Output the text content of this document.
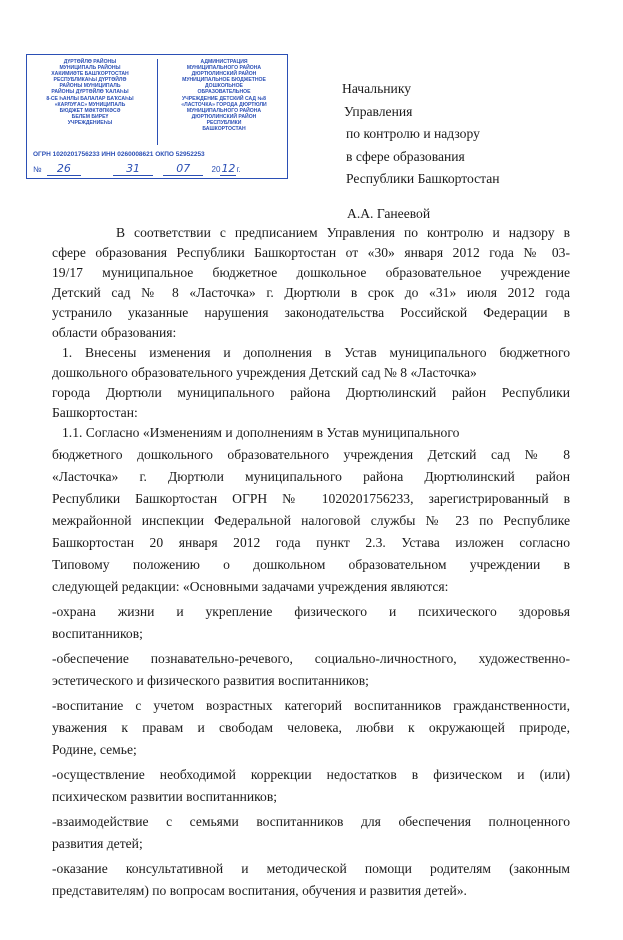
ДҮРТӨЙЛӨ РАЙОНЫ
МУНИЦИПАЛЬ РАЙОНЫ
ХАКИМИӘТЕ БАШҠОРТОСТАН
РЕСПУБЛИКАҺЫ ДҮРТӨЙЛӨ
РАЙОНЫ МУНИЦИПАЛЬ
РАЙОНЫ ДҮРТӨЙЛӨ ҠАЛАҺЫ
8-СЕ ҺАНЛЫ БАЛАЛАР БАҠСАҺЫ
«КАРЛУҒАС» МУНИЦИПАЛЬ
БЮДЖЕТ МӘКТӘПКӘСӘ
БЕЛЕМ БИРЕҮ
УЧРЕЖДЕНИЕҺЫ
АДМИНИСТРАЦИЯ
МУНИЦИПАЛЬНОГО РАЙОНА
ДЮРТЮЛИНСКИЙ РАЙОН
МУНИЦИПАЛЬНОЕ БЮДЖЕТНОЕ
ДОШКОЛЬНОЕ
ОБРАЗОВАТЕЛЬНОЕ
УЧРЕЖДЕНИЕ ДЕТСКИЙ САД №8
«ЛАСТОЧКА» ГОРОДА ДЮРТЮЛИ
МУНИЦИПАЛЬНОГО РАЙОНА
ДЮРТЮЛИНСКИЙ РАЙОН
РЕСПУБЛИКИ
БАШКОРТОСТАН
ОГРН 1020201756233 ИНН 0260008621 ОКПО 52952253
№ 26	31	07	2012г.
Начальнику
Управления
по контролю и надзору
в сфере образования
Республики Башкортостан
А.А. Ганеевой
В соответствии с предписанием Управления по контролю и надзору в
сфере образования Республики Башкортостан от «30» января 2012 года № 03-
19/17 муниципальное бюджетное дошкольное образовательное учреждение
Детский сад № 8 «Ласточка» г. Дюртюли в срок до «31» июля 2012 года
устранило указанные нарушения законодательства Российской Федерации в
области образования:
1. Внесены изменения и дополнения в Устав муниципального бюджетного
дошкольного образовательного учреждения Детский сад № 8 «Ласточка»
города Дюртюли муниципального района Дюртюлинский район Республики
Башкортостан:
1.1. Согласно «Изменениям и дополнениям в Устав муниципального
бюджетного дошкольного образовательного учреждения Детский сад № 8
«Ласточка» г. Дюртюли муниципального района Дюртюлинский район
Республики Башкортостан ОГРН № 1020201756233, зарегистрированный в
межрайонной инспекции Федеральной налоговой службы № 23 по Республике
Башкортостан 20 января 2012 года пункт 2.3. Устава изложен согласно
Типовому положению о дошкольном образовательном учреждении в
следующей редакции: «Основными задачами учреждения являются:
-охрана жизни и укрепление физического и психического здоровья
воспитанников;
-обеспечение познавательно-речевого, социально-личностного, художественно-
эстетического и физического развития воспитанников;
-воспитание с учетом возрастных категорий воспитанников гражданственности,
уважения к правам и свободам человека, любви к окружающей природе,
Родине, семье;
-осуществление необходимой коррекции недостатков в физическом и (или)
психическом развитии воспитанников;
-взаимодействие с семьями воспитанников для обеспечения полноценного
развития детей;
-оказание консультативной и методической помощи родителям (законным
представителям) по вопросам воспитания, обучения и развития детей».
